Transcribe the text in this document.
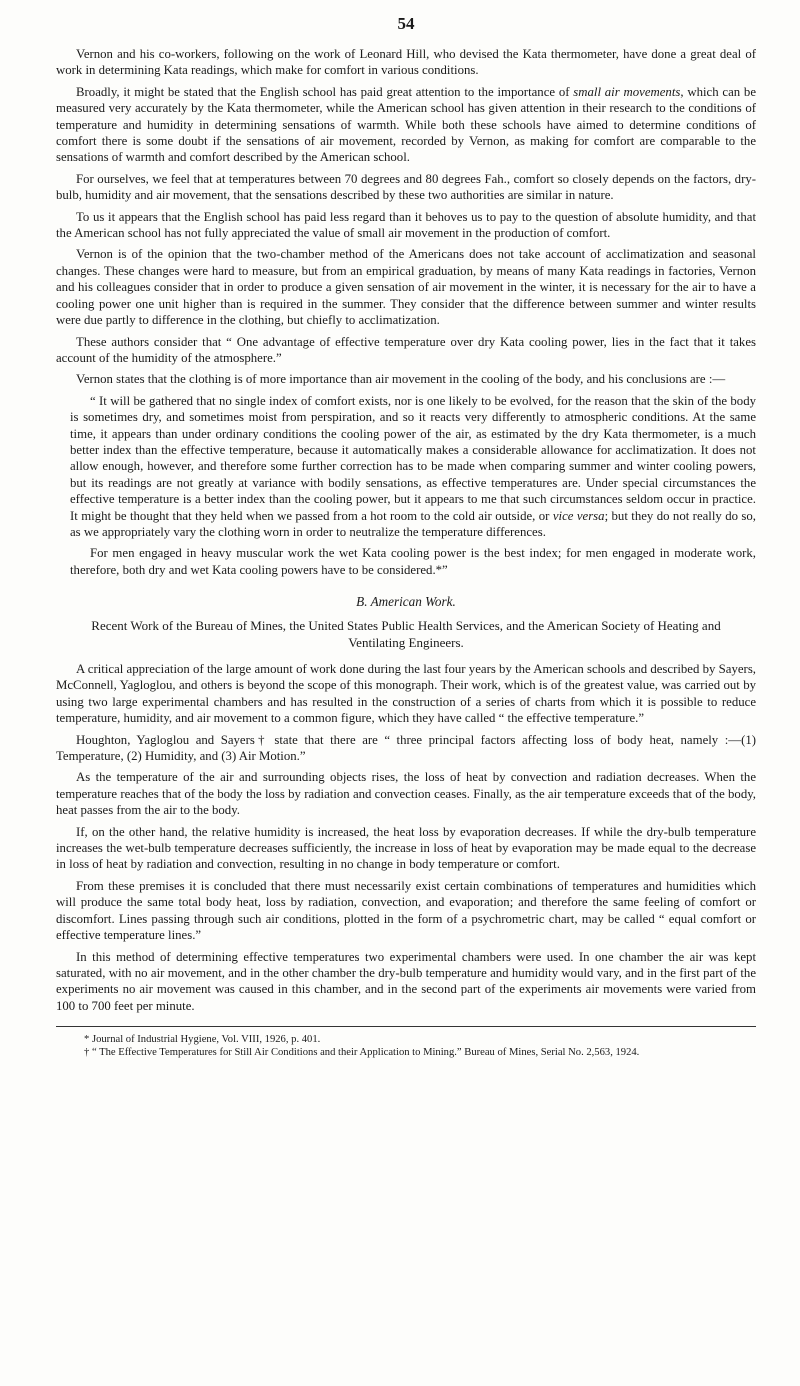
54

Vernon and his co-workers, following on the work of Leonard Hill, who devised the Kata thermometer, have done a great deal of work in determining Kata readings, which make for comfort in various conditions.

Broadly, it might be stated that the English school has paid great attention to the importance of small air movements, which can be measured very accurately by the Kata thermometer, while the American school has given attention in their research to the conditions of temperature and humidity in determining sensations of warmth. While both these schools have aimed to determine conditions of comfort there is some doubt if the sensations of air movement, recorded by Vernon, as making for comfort are comparable to the sensations of warmth and comfort described by the American school.

For ourselves, we feel that at temperatures between 70 degrees and 80 degrees Fah., comfort so closely depends on the factors, dry-bulb, humidity and air movement, that the sensations described by these two authorities are similar in nature.

To us it appears that the English school has paid less regard than it behoves us to pay to the question of absolute humidity, and that the American school has not fully appreciated the value of small air movement in the production of comfort.

Vernon is of the opinion that the two-chamber method of the Americans does not take account of acclimatization and seasonal changes. These changes were hard to measure, but from an empirical graduation, by means of many Kata readings in factories, Vernon and his colleagues consider that in order to produce a given sensation of air movement in the winter, it is necessary for the air to have a cooling power one unit higher than is required in the summer. They consider that the difference between summer and winter results were due partly to difference in the clothing, but chiefly to acclimatization.

These authors consider that “ One advantage of effective temperature over dry Kata cooling power, lies in the fact that it takes account of the humidity of the atmosphere.”

Vernon states that the clothing is of more importance than air movement in the cooling of the body, and his conclusions are :—

“ It will be gathered that no single index of comfort exists, nor is one likely to be evolved, for the reason that the skin of the body is sometimes dry, and sometimes moist from perspiration, and so it reacts very differently to atmospheric conditions. At the same time, it appears than under ordinary conditions the cooling power of the air, as estimated by the dry Kata thermometer, is a much better index than the effective temperature, because it automatically makes a considerable allowance for acclimatization. It does not allow enough, however, and therefore some further correction has to be made when comparing summer and winter cooling powers, but its readings are not greatly at variance with bodily sensations, as effective temperatures are. Under special circumstances the effective temperature is a better index than the cooling power, but it appears to me that such circumstances seldom occur in practice. It might be thought that they held when we passed from a hot room to the cold air outside, or vice versa; but they do not really do so, as we appropriately vary the clothing worn in order to neutralize the temperature differences.

For men engaged in heavy muscular work the wet Kata cooling power is the best index; for men engaged in moderate work, therefore, both dry and wet Kata cooling powers have to be considered.*”

B. American Work.
Recent Work of the Bureau of Mines, the United States Public Health Services, and the American Society of Heating and Ventilating Engineers.

A critical appreciation of the large amount of work done during the last four years by the American schools and described by Sayers, McConnell, Yagloglou, and others is beyond the scope of this monograph. Their work, which is of the greatest value, was carried out by using two large experimental chambers and has resulted in the construction of a series of charts from which it is possible to reduce temperature, humidity, and air movement to a common figure, which they have called “ the effective temperature.”

Houghton, Yagloglou and Sayers† state that there are “ three principal factors affecting loss of body heat, namely :—(1) Temperature, (2) Humidity, and (3) Air Motion.”

As the temperature of the air and surrounding objects rises, the loss of heat by convection and radiation decreases. When the temperature reaches that of the body the loss by radiation and convection ceases. Finally, as the air temperature exceeds that of the body, heat passes from the air to the body.

If, on the other hand, the relative humidity is increased, the heat loss by evaporation decreases. If while the dry-bulb temperature increases the wet-bulb temperature decreases sufficiently, the increase in loss of heat by evaporation may be made equal to the decrease in loss of heat by radiation and convection, resulting in no change in body temperature or comfort.

From these premises it is concluded that there must necessarily exist certain combinations of temperatures and humidities which will produce the same total body heat, loss by radiation, convection, and evaporation; and therefore the same feeling of comfort or discomfort. Lines passing through such air conditions, plotted in the form of a psychrometric chart, may be called “ equal comfort or effective temperature lines.”

In this method of determining effective temperatures two experimental chambers were used. In one chamber the air was kept saturated, with no air movement, and in the other chamber the dry-bulb temperature and humidity would vary, and in the first part of the experiments no air movement was caused in this chamber, and in the second part of the experiments air movements were varied from 100 to 700 feet per minute.

* Journal of Industrial Hygiene, Vol. VIII, 1926, p. 401.

† “ The Effective Temperatures for Still Air Conditions and their Application to Mining.” Bureau of Mines, Serial No. 2,563, 1924.
